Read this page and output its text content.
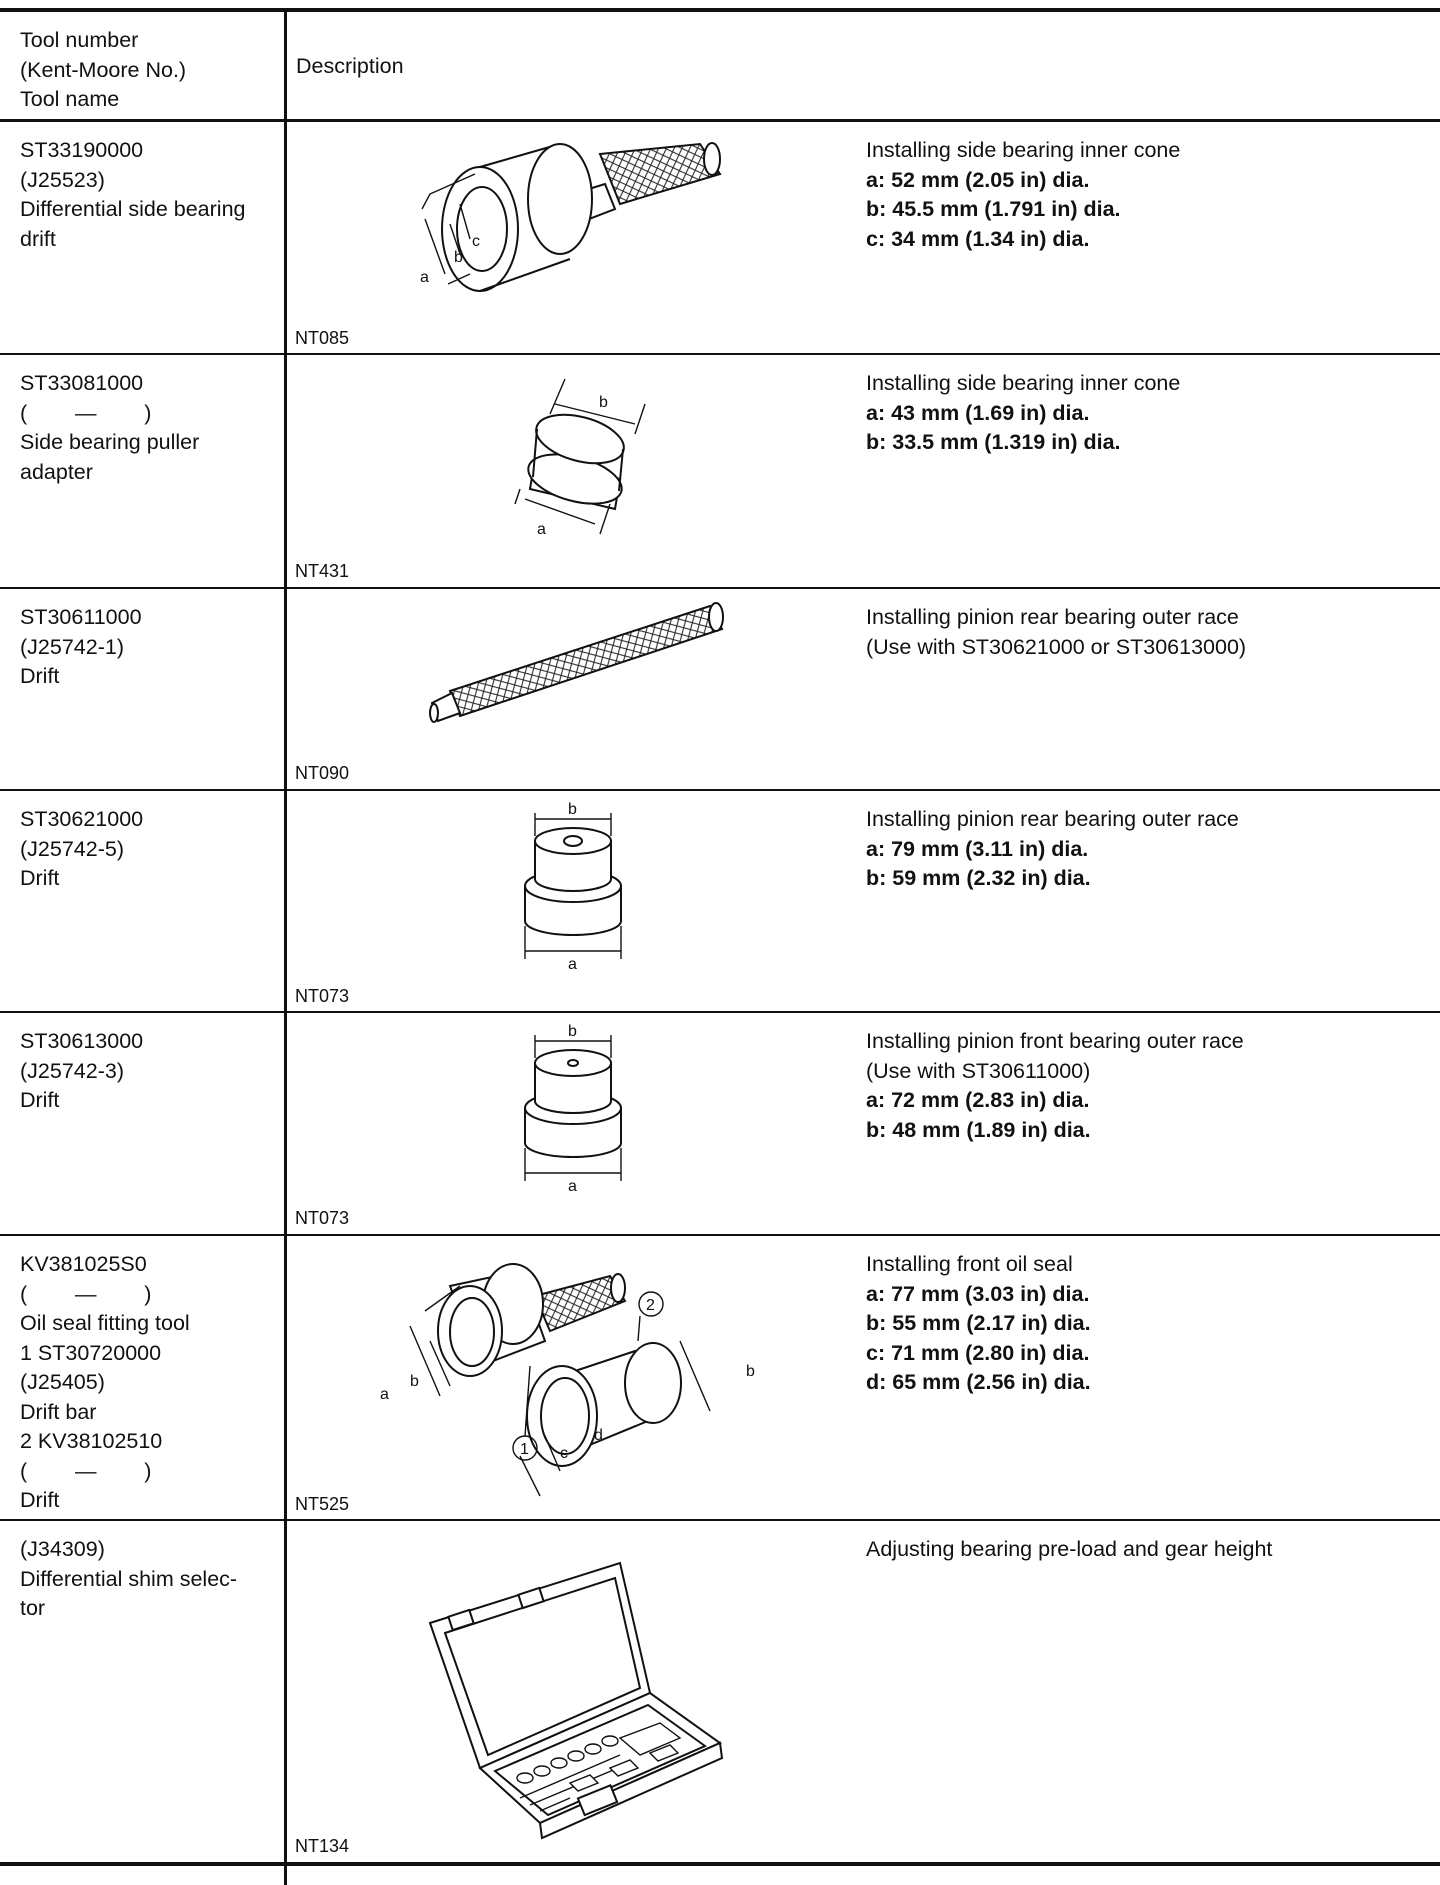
Tool number
(Kent-Moore No.)
Tool name
Description
ST33190000
(J25523)
Differential side bearing
drift
a
b
c
NT085
Installing side bearing inner cone
a: 52 mm (2.05 in) dia.
b: 45.5 mm (1.791 in) dia.
c: 34 mm (1.34 in) dia.
ST33081000
(        —        )
Side bearing puller
adapter
b
a
NT431
Installing side bearing inner cone
a: 43 mm (1.69 in) dia.
b: 33.5 mm (1.319 in) dia.
ST30611000
(J25742-1)
Drift
NT090
Installing pinion rear bearing outer race
(Use with ST30621000 or ST30613000)
ST30621000
(J25742-5)
Drift
b
a
NT073
Installing pinion rear bearing outer race
a: 79 mm (3.11 in) dia.
b: 59 mm (2.32 in) dia.
ST30613000
(J25742-3)
Drift
b
a
NT073
Installing pinion front bearing outer race
(Use with ST30611000)
a: 72 mm (2.83 in) dia.
b: 48 mm (1.89 in) dia.
KV381025S0
(        —        )
Oil seal fitting tool
1 ST30720000
(J25405)
Drift bar
2 KV38102510
(        —        )
Drift
a
b
b
c
d
1
2
NT525
Installing front oil seal
a: 77 mm (3.03 in) dia.
b: 55 mm (2.17 in) dia.
c: 71 mm (2.80 in) dia.
d: 65 mm (2.56 in) dia.
(J34309)
Differential shim selec-
tor
NT134
Adjusting bearing pre-load and gear height
